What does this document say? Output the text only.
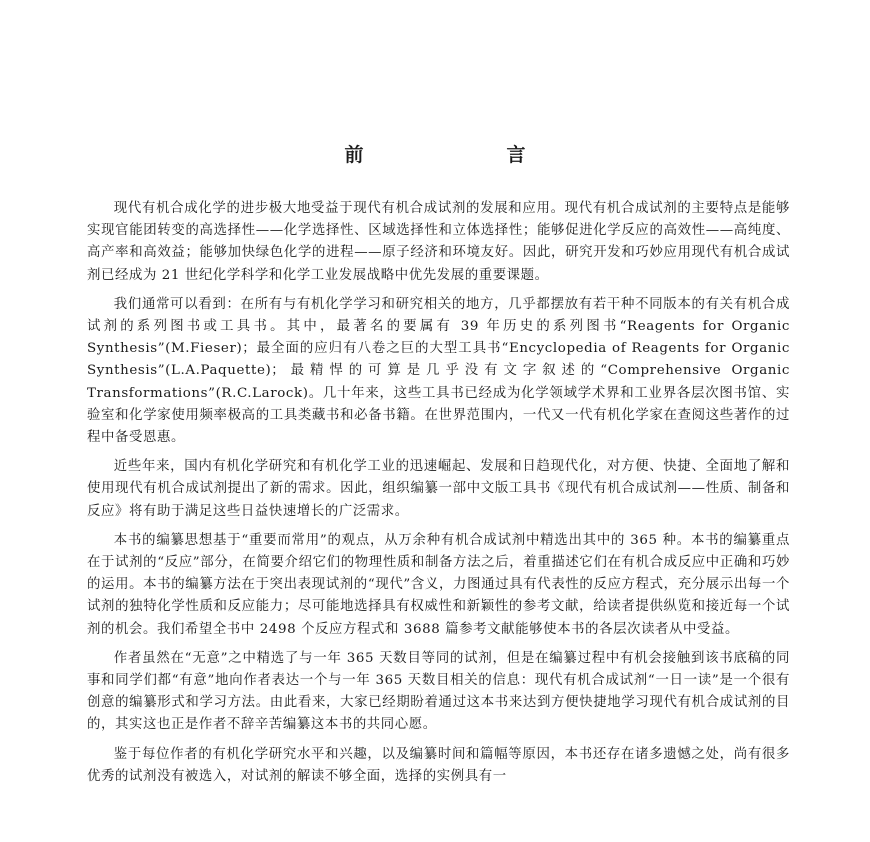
前　言

现代有机合成化学的进步极大地受益于现代有机合成试剂的发展和应用。现代有机合成试剂的主要特点是能够实现官能团转变的高选择性——化学选择性、区域选择性和立体选择性；能够促进化学反应的高效性——高纯度、高产率和高效益；能够加快绿色化学的进程——原子经济和环境友好。因此，研究开发和巧妙应用现代有机合成试剂已经成为 21 世纪化学科学和化学工业发展战略中优先发展的重要课题。

我们通常可以看到：在所有与有机化学学习和研究相关的地方，几乎都摆放有若干种不同版本的有关有机合成试剂的系列图书或工具书。其中，最著名的要属有 39 年历史的系列图书“Reagents for Organic Synthesis”(M.Fieser)；最全面的应归有八卷之巨的大型工具书“Encyclopedia of Reagents for Organic Synthesis”(L.A.Paquette)；最精悍的可算是几乎没有文字叙述的“Comprehensive Organic Transformations”(R.C.Larock)。几十年来，这些工具书已经成为化学领域学术界和工业界各层次图书馆、实验室和化学家使用频率极高的工具类藏书和必备书籍。在世界范围内，一代又一代有机化学家在查阅这些著作的过程中备受恩惠。

近些年来，国内有机化学研究和有机化学工业的迅速崛起、发展和日趋现代化，对方便、快捷、全面地了解和使用现代有机合成试剂提出了新的需求。因此，组织编纂一部中文版工具书《现代有机合成试剂——性质、制备和反应》将有助于满足这些日益快速增长的广泛需求。

本书的编纂思想基于“重要而常用”的观点，从万余种有机合成试剂中精选出其中的 365 种。本书的编纂重点在于试剂的“反应”部分，在简要介绍它们的物理性质和制备方法之后，着重描述它们在有机合成反应中正确和巧妙的运用。本书的编纂方法在于突出表现试剂的“现代”含义，力图通过具有代表性的反应方程式，充分展示出每一个试剂的独特化学性质和反应能力；尽可能地选择具有权威性和新颖性的参考文献，给读者提供纵览和接近每一个试剂的机会。我们希望全书中 2498 个反应方程式和 3688 篇参考文献能够使本书的各层次读者从中受益。

作者虽然在“无意”之中精选了与一年 365 天数目等同的试剂，但是在编纂过程中有机会接触到该书底稿的同事和同学们都“有意”地向作者表达一个与一年 365 天数目相关的信息：现代有机合成试剂“一日一读”是一个很有创意的编纂形式和学习方法。由此看来，大家已经期盼着通过这本书来达到方便快捷地学习现代有机合成试剂的目的，其实这也正是作者不辞辛苦编纂这本书的共同心愿。

鉴于每位作者的有机化学研究水平和兴趣，以及编纂时间和篇幅等原因，本书还存在诸多遗憾之处，尚有很多优秀的试剂没有被选入，对试剂的解读不够全面，选择的实例具有一
